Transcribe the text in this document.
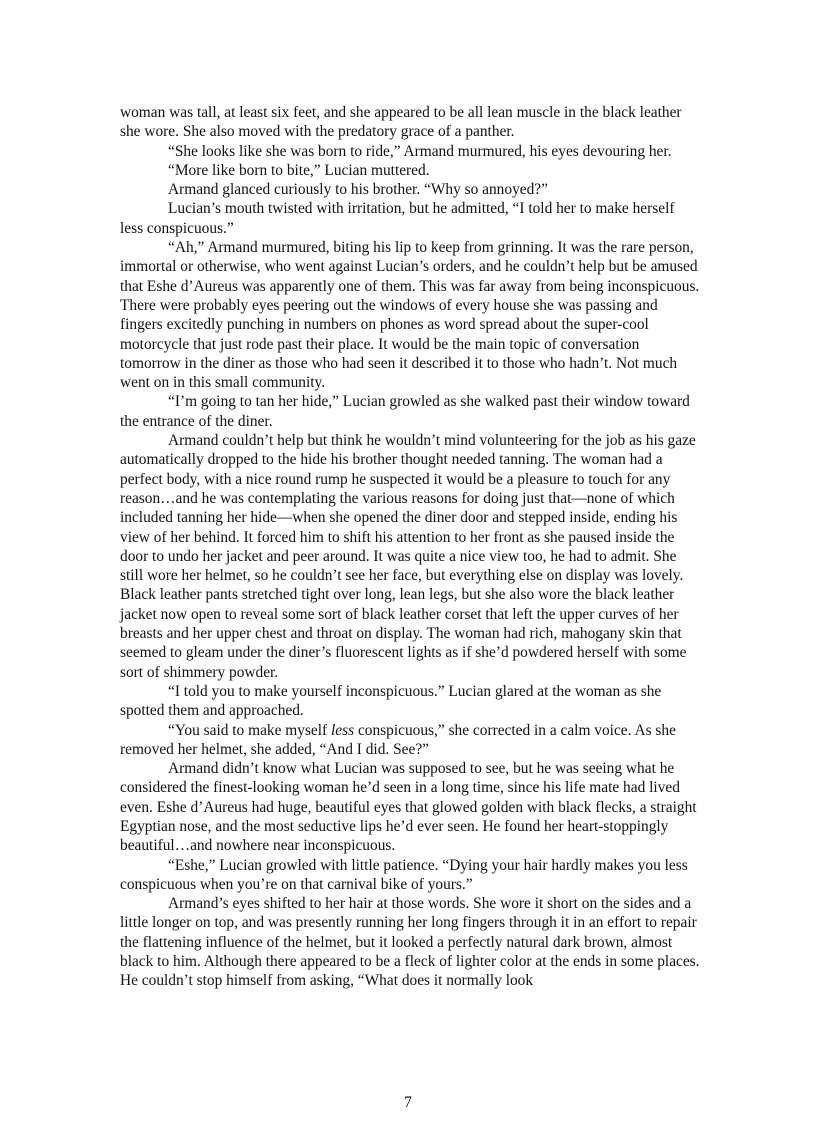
woman was tall, at least six feet, and she appeared to be all lean muscle in the black leather she wore. She also moved with the predatory grace of a panther.

“She looks like she was born to ride,” Armand murmured, his eyes devouring her.

“More like born to bite,” Lucian muttered.

Armand glanced curiously to his brother. “Why so annoyed?”

Lucian’s mouth twisted with irritation, but he admitted, “I told her to make herself less conspicuous.”

“Ah,” Armand murmured, biting his lip to keep from grinning. It was the rare person, immortal or otherwise, who went against Lucian’s orders, and he couldn’t help but be amused that Eshe d’Aureus was apparently one of them. This was far away from being inconspicuous. There were probably eyes peering out the windows of every house she was passing and fingers excitedly punching in numbers on phones as word spread about the super-cool motorcycle that just rode past their place. It would be the main topic of conversation tomorrow in the diner as those who had seen it described it to those who hadn’t. Not much went on in this small community.

“I’m going to tan her hide,” Lucian growled as she walked past their window toward the entrance of the diner.

Armand couldn’t help but think he wouldn’t mind volunteering for the job as his gaze automatically dropped to the hide his brother thought needed tanning. The woman had a perfect body, with a nice round rump he suspected it would be a pleasure to touch for any reason…and he was contemplating the various reasons for doing just that—none of which included tanning her hide—when she opened the diner door and stepped inside, ending his view of her behind. It forced him to shift his attention to her front as she paused inside the door to undo her jacket and peer around. It was quite a nice view too, he had to admit. She still wore her helmet, so he couldn’t see her face, but everything else on display was lovely. Black leather pants stretched tight over long, lean legs, but she also wore the black leather jacket now open to reveal some sort of black leather corset that left the upper curves of her breasts and her upper chest and throat on display. The woman had rich, mahogany skin that seemed to gleam under the diner’s fluorescent lights as if she’d powdered herself with some sort of shimmery powder.

“I told you to make yourself inconspicuous.” Lucian glared at the woman as she spotted them and approached.

“You said to make myself less conspicuous,” she corrected in a calm voice. As she removed her helmet, she added, “And I did. See?”

Armand didn’t know what Lucian was supposed to see, but he was seeing what he considered the finest-looking woman he’d seen in a long time, since his life mate had lived even. Eshe d’Aureus had huge, beautiful eyes that glowed golden with black flecks, a straight Egyptian nose, and the most seductive lips he’d ever seen. He found her heart-stoppingly beautiful…and nowhere near inconspicuous.

“Eshe,” Lucian growled with little patience. “Dying your hair hardly makes you less conspicuous when you’re on that carnival bike of yours.”

Armand’s eyes shifted to her hair at those words. She wore it short on the sides and a little longer on top, and was presently running her long fingers through it in an effort to repair the flattening influence of the helmet, but it looked a perfectly natural dark brown, almost black to him. Although there appeared to be a fleck of lighter color at the ends in some places. He couldn’t stop himself from asking, “What does it normally look

7
